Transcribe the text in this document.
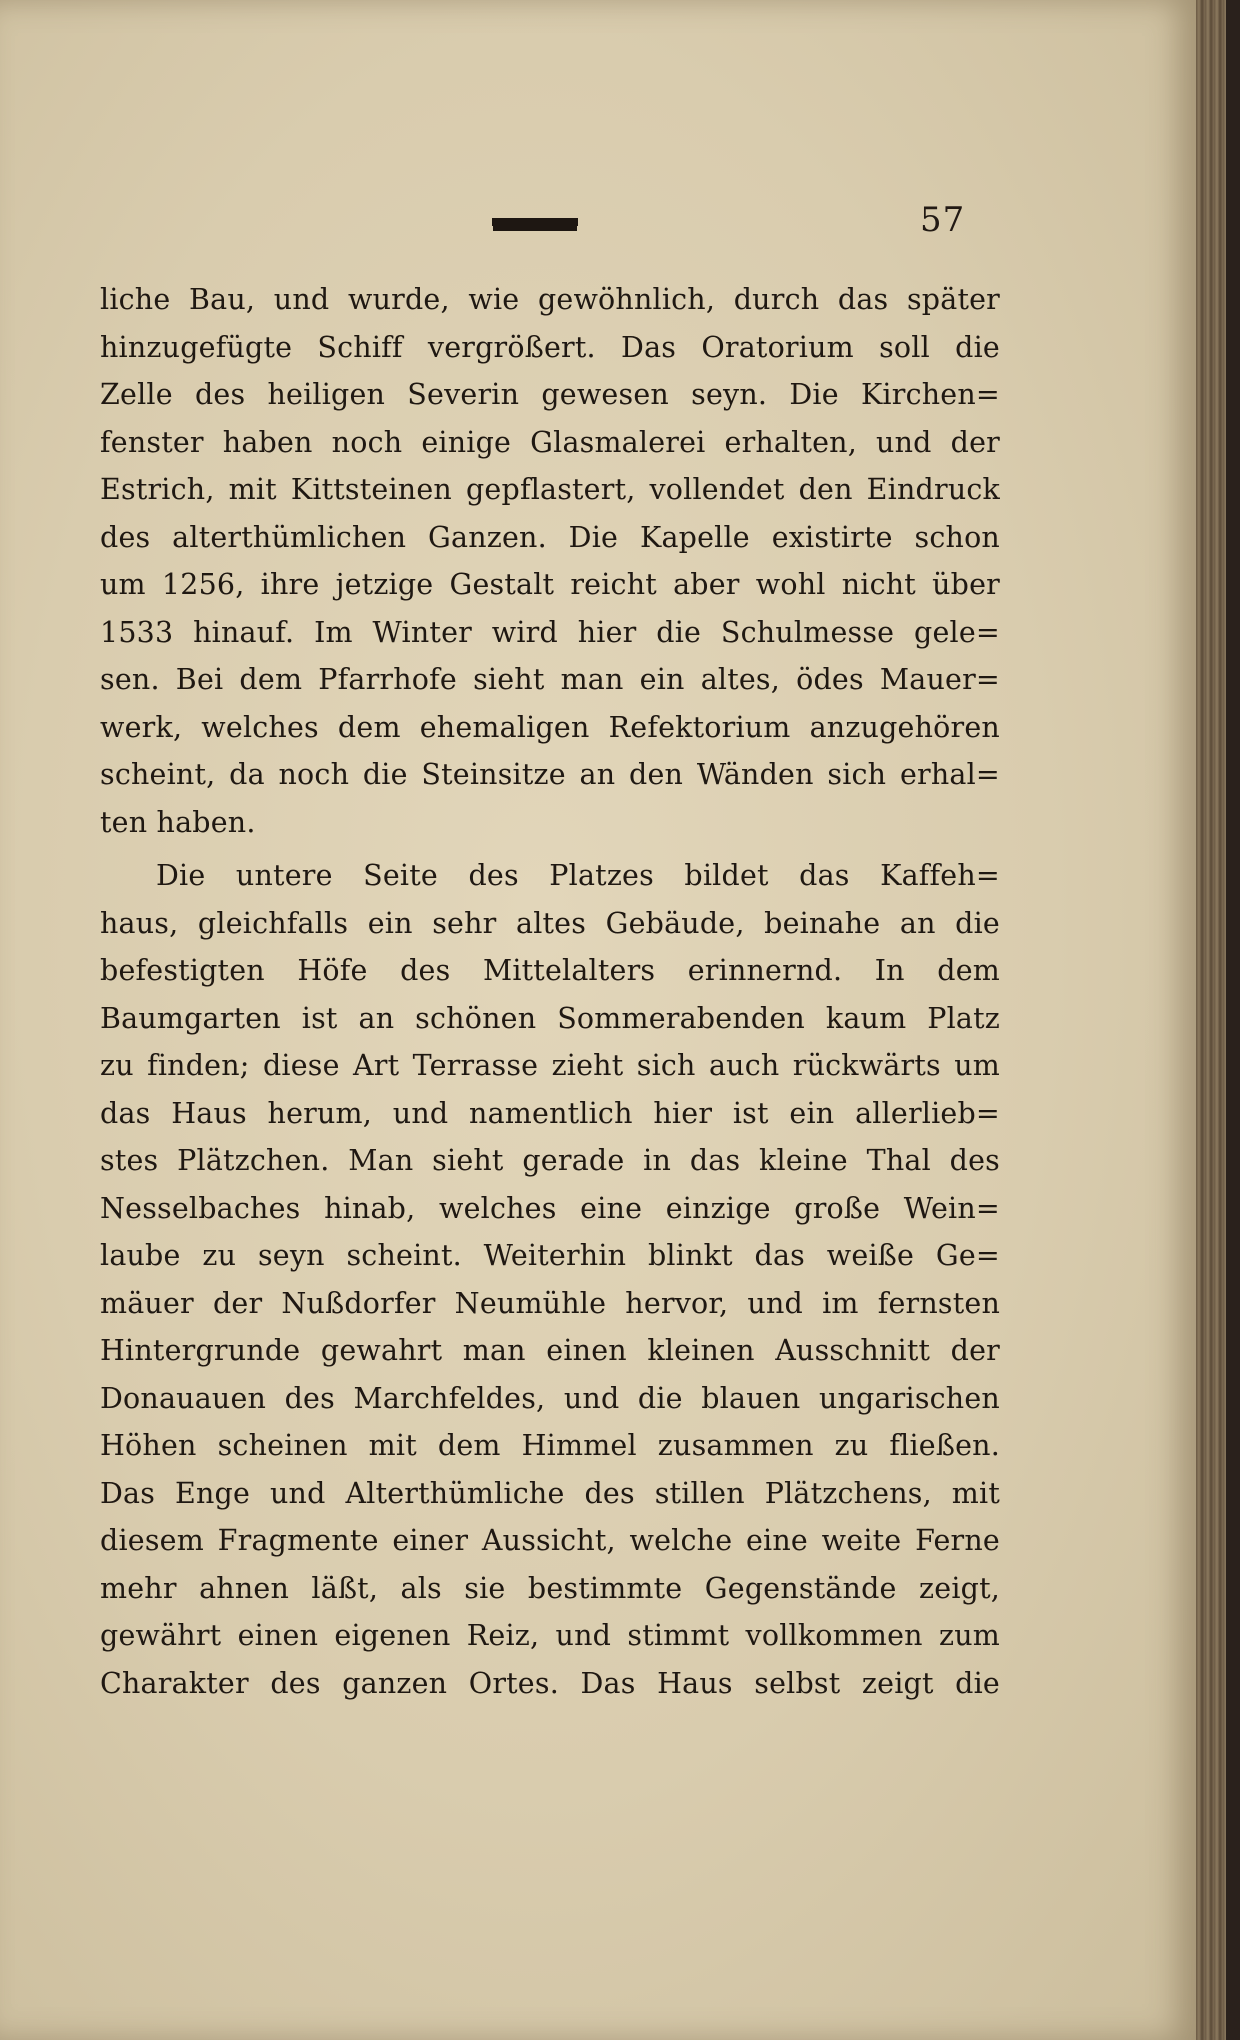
57
liche Bau, und wurde, wie gewöhnlich, durch das später
hinzugefügte Schiff vergrößert. Das Oratorium soll die
Zelle des heiligen Severin gewesen seyn. Die Kirchen=
fenster haben noch einige Glasmalerei erhalten, und der
Estrich, mit Kittsteinen gepflastert, vollendet den Eindruck
des alterthümlichen Ganzen. Die Kapelle existirte schon
um 1256, ihre jetzige Gestalt reicht aber wohl nicht über
1533 hinauf. Im Winter wird hier die Schulmesse gele=
sen. Bei dem Pfarrhofe sieht man ein altes, ödes Mauer=
werk, welches dem ehemaligen Refektorium anzugehören
scheint, da noch die Steinsitze an den Wänden sich erhal=
ten haben.
Die untere Seite des Platzes bildet das Kaffeh=
haus, gleichfalls ein sehr altes Gebäude, beinahe an die
befestigten Höfe des Mittelalters erinnernd. In dem
Baumgarten ist an schönen Sommerabenden kaum Platz
zu finden; diese Art Terrasse zieht sich auch rückwärts um
das Haus herum, und namentlich hier ist ein allerlieb=
stes Plätzchen. Man sieht gerade in das kleine Thal des
Nesselbaches hinab, welches eine einzige große Wein=
laube zu seyn scheint. Weiterhin blinkt das weiße Ge=
mäuer der Nußdorfer Neumühle hervor, und im fernsten
Hintergrunde gewahrt man einen kleinen Ausschnitt der
Donauauen des Marchfeldes, und die blauen ungarischen
Höhen scheinen mit dem Himmel zusammen zu fließen.
Das Enge und Alterthümliche des stillen Plätzchens, mit
diesem Fragmente einer Aussicht, welche eine weite Ferne
mehr ahnen läßt, als sie bestimmte Gegenstände zeigt,
gewährt einen eigenen Reiz, und stimmt vollkommen zum
Charakter des ganzen Ortes. Das Haus selbst zeigt die
